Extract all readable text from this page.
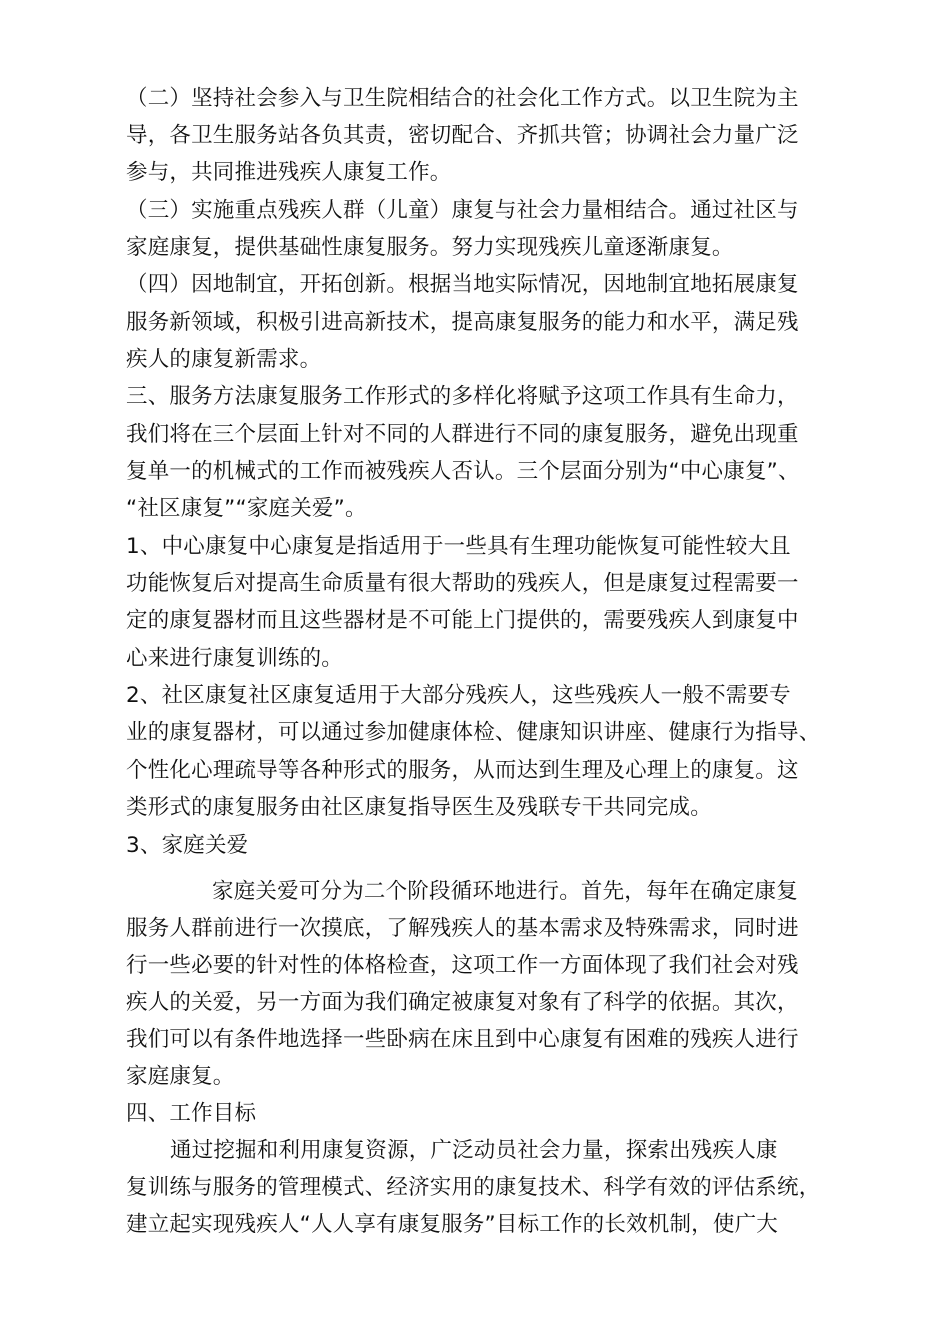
（二）坚持社会参入与卫生院相结合的社会化工作方式。以卫生院为主
导，各卫生服务站各负其责，密切配合、齐抓共管；协调社会力量广泛
参与，共同推进残疾人康复工作。
（三）实施重点残疾人群（儿童）康复与社会力量相结合。通过社区与
家庭康复，提供基础性康复服务。努力实现残疾儿童逐渐康复。
（四）因地制宜，开拓创新。根据当地实际情况，因地制宜地拓展康复
服务新领域，积极引进高新技术，提高康复服务的能力和水平，满足残
疾人的康复新需求。
三、服务方法康复服务工作形式的多样化将赋予这项工作具有生命力，
我们将在三个层面上针对不同的人群进行不同的康复服务，避免出现重
复单一的机械式的工作而被残疾人否认。三个层面分别为“中心康复”、
“社区康复”“家庭关爱”。
1、中心康复中心康复是指适用于一些具有生理功能恢复可能性较大且
功能恢复后对提高生命质量有很大帮助的残疾人，但是康复过程需要一
定的康复器材而且这些器材是不可能上门提供的，需要残疾人到康复中
心来进行康复训练的。
2、社区康复社区康复适用于大部分残疾人，这些残疾人一般不需要专
业的康复器材，可以通过参加健康体检、健康知识讲座、健康行为指导、
个性化心理疏导等各种形式的服务，从而达到生理及心理上的康复。这
类形式的康复服务由社区康复指导医生及残联专干共同完成。
3、家庭关爱
家庭关爱可分为二个阶段循环地进行。首先，每年在确定康复
服务人群前进行一次摸底，了解残疾人的基本需求及特殊需求，同时进
行一些必要的针对性的体格检查，这项工作一方面体现了我们社会对残
疾人的关爱，另一方面为我们确定被康复对象有了科学的依据。其次，
我们可以有条件地选择一些卧病在床且到中心康复有困难的残疾人进行
家庭康复。
四、工作目标
通过挖掘和利用康复资源，广泛动员社会力量，探索出残疾人康
复训练与服务的管理模式、经济实用的康复技术、科学有效的评估系统，
建立起实现残疾人“人人享有康复服务”目标工作的长效机制，使广大
